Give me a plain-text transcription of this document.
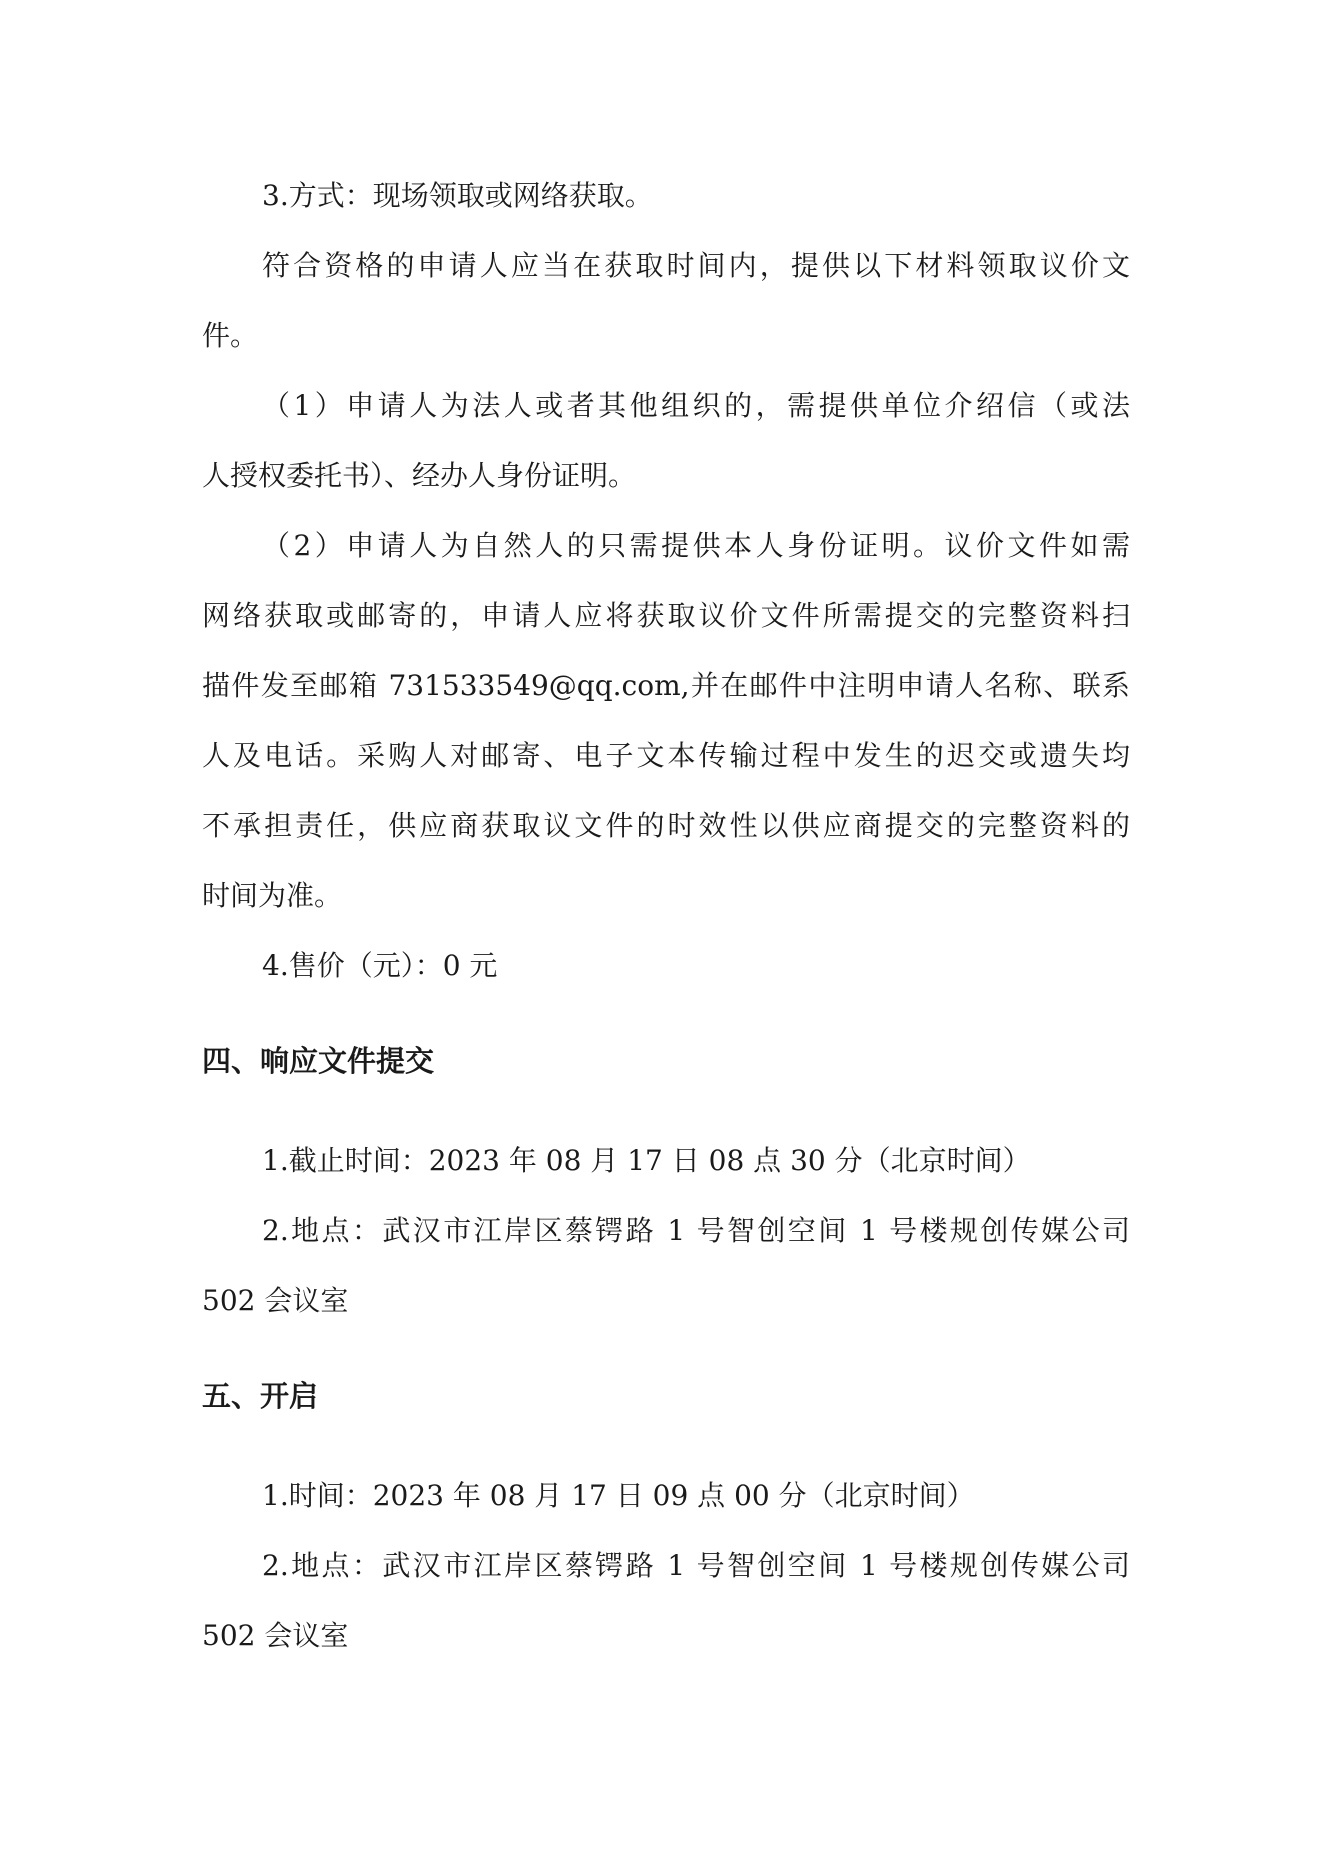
3.方式：现场领取或网络获取。
符合资格的申请人应当在获取时间内，提供以下材料领取议价文
件。
（1）申请人为法人或者其他组织的，需提供单位介绍信（或法
人授权委托书）、经办人身份证明。
（2）申请人为自然人的只需提供本人身份证明。议价文件如需
网络获取或邮寄的，申请人应将获取议价文件所需提交的完整资料扫
描件发至邮箱 731533549@qq.com,并在邮件中注明申请人名称、联系
人及电话。采购人对邮寄、电子文本传输过程中发生的迟交或遗失均
不承担责任，供应商获取议文件的时效性以供应商提交的完整资料的
时间为准。
4.售价（元）：0 元
四、响应文件提交
1.截止时间：2023 年 08 月 17 日 08 点 30 分（北京时间）
2.地点：武汉市江岸区蔡锷路 1 号智创空间 1 号楼规创传媒公司
502 会议室
五、开启
1.时间：2023 年 08 月 17 日 09 点 00 分（北京时间）
2.地点：武汉市江岸区蔡锷路 1 号智创空间 1 号楼规创传媒公司
502 会议室
